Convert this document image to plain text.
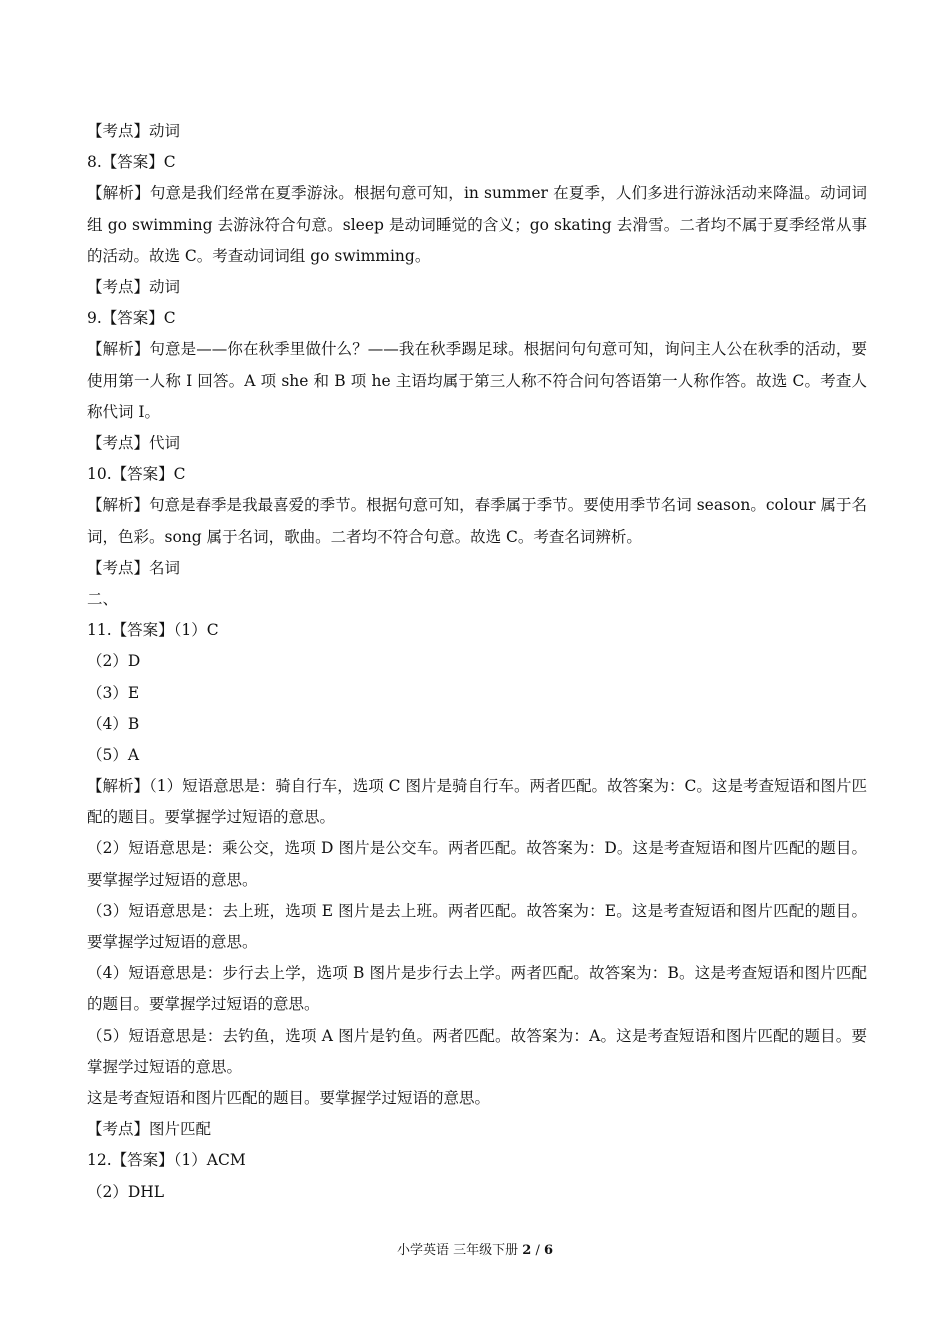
【考点】动词
8.【答案】C
【解析】句意是我们经常在夏季游泳。根据句意可知，in summer 在夏季，人们多进行游泳活动来降温。动词词组 go swimming 去游泳符合句意。sleep 是动词睡觉的含义；go skating 去滑雪。二者均不属于夏季经常从事的活动。故选 C。考查动词词组 go swimming。
【考点】动词
9.【答案】C
【解析】句意是——你在秋季里做什么？——我在秋季踢足球。根据问句句意可知，询问主人公在秋季的活动，要使用第一人称 I 回答。A 项 she 和 B 项 he 主语均属于第三人称不符合问句答语第一人称作答。故选 C。考查人称代词 I。
【考点】代词
10.【答案】C
【解析】句意是春季是我最喜爱的季节。根据句意可知，春季属于季节。要使用季节名词 season。colour 属于名词，色彩。song 属于名词，歌曲。二者均不符合句意。故选 C。考查名词辨析。
【考点】名词
二、
11.【答案】（1）C
（2）D
（3）E
（4）B
（5）A
【解析】（1）短语意思是：骑自行车，选项 C 图片是骑自行车。两者匹配。故答案为：C。这是考查短语和图片匹配的题目。要掌握学过短语的意思。
（2）短语意思是：乘公交，选项 D 图片是公交车。两者匹配。故答案为：D。这是考查短语和图片匹配的题目。要掌握学过短语的意思。
（3）短语意思是：去上班，选项 E 图片是去上班。两者匹配。故答案为：E。这是考查短语和图片匹配的题目。要掌握学过短语的意思。
（4）短语意思是：步行去上学，选项 B 图片是步行去上学。两者匹配。故答案为：B。这是考查短语和图片匹配的题目。要掌握学过短语的意思。
（5）短语意思是：去钓鱼，选项 A 图片是钓鱼。两者匹配。故答案为：A。这是考查短语和图片匹配的题目。要掌握学过短语的意思。
这是考查短语和图片匹配的题目。要掌握学过短语的意思。
【考点】图片匹配
12.【答案】（1）ACM
（2）DHL
小学英语 三年级下册 2 / 6
